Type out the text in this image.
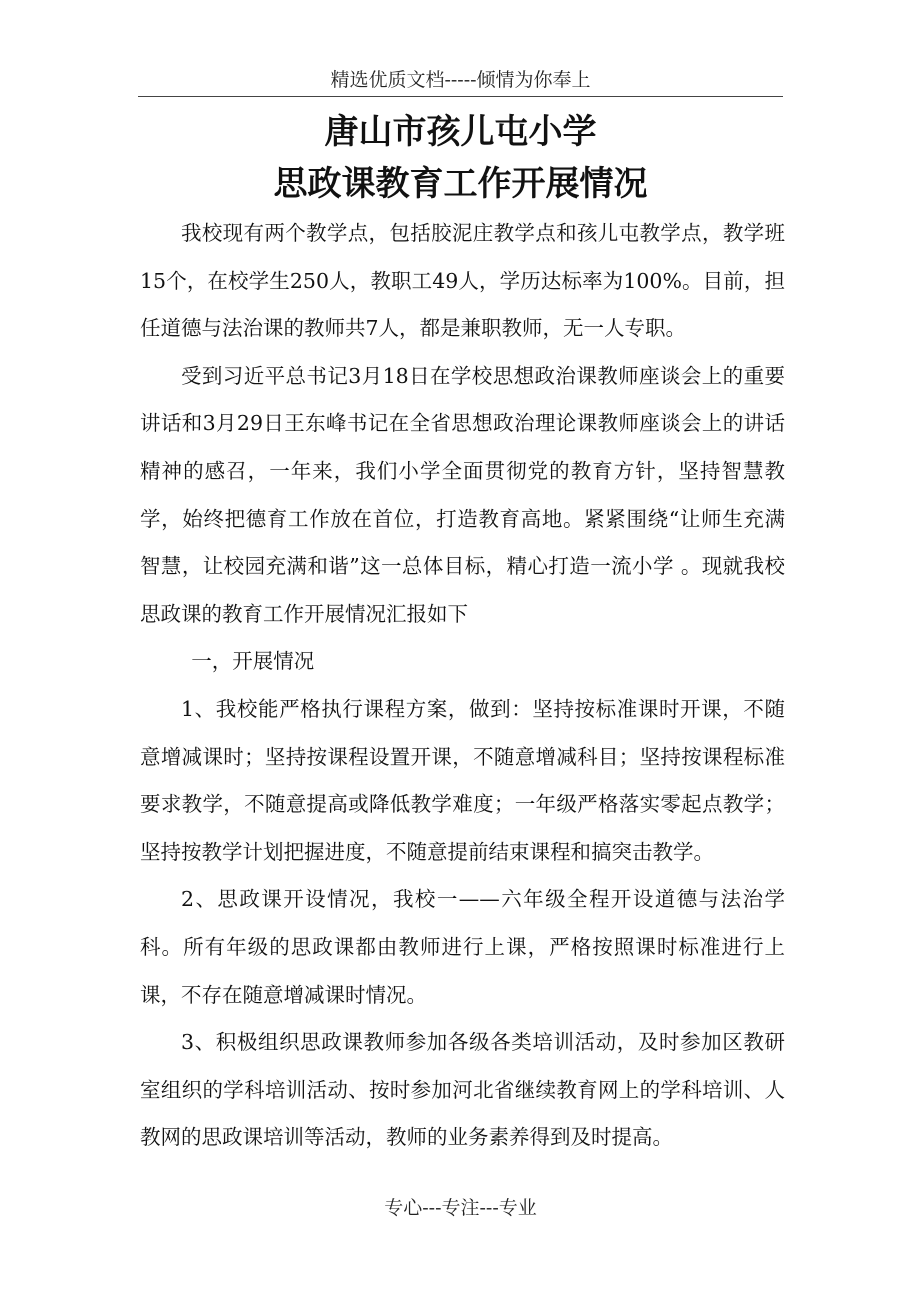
精选优质文档-----倾情为你奉上
唐山市孩儿屯小学
思政课教育工作开展情况

我校现有两个教学点，包括胶泥庄教学点和孩儿屯教学点，教学班15个，在校学生250人，教职工49人，学历达标率为100%。目前，担任道德与法治课的教师共7人，都是兼职教师，无一人专职。

受到习近平总书记3月18日在学校思想政治课教师座谈会上的重要讲话和3月29日王东峰书记在全省思想政治理论课教师座谈会上的讲话精神的感召，一年来，我们小学全面贯彻党的教育方针，坚持智慧教学，始终把德育工作放在首位，打造教育高地。紧紧围绕“让师生充满智慧，让校园充满和谐”这一总体目标，精心打造一流小学 。现就我校思政课的教育工作开展情况汇报如下

一，开展情况

1、我校能严格执行课程方案，做到：坚持按标准课时开课，不随意增减课时；坚持按课程设置开课，不随意增减科目；坚持按课程标准要求教学，不随意提高或降低教学难度；一年级严格落实零起点教学；坚持按教学计划把握进度，不随意提前结束课程和搞突击教学。

2、思政课开设情况，我校一——六年级全程开设道德与法治学科。所有年级的思政课都由教师进行上课，严格按照课时标准进行上课，不存在随意增减课时情况。

3、积极组织思政课教师参加各级各类培训活动，及时参加区教研室组织的学科培训活动、按时参加河北省继续教育网上的学科培训、人教网的思政课培训等活动，教师的业务素养得到及时提高。

专心---专注---专业
